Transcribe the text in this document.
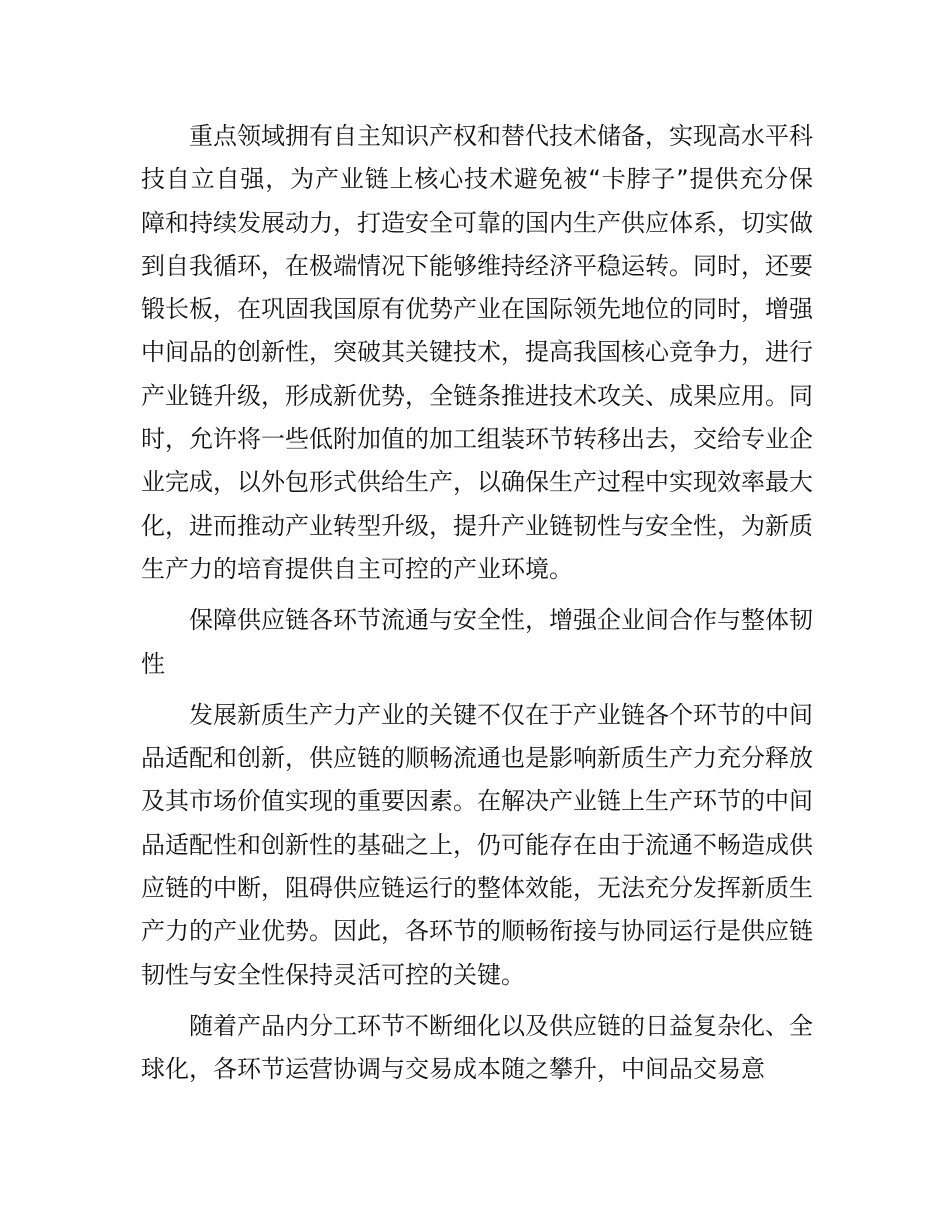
重点领域拥有自主知识产权和替代技术储备，实现高水平科技自立自强，为产业链上核心技术避免被“卡脖子”提供充分保障和持续发展动力，打造安全可靠的国内生产供应体系，切实做到自我循环，在极端情况下能够维持经济平稳运转。同时，还要锻长板，在巩固我国原有优势产业在国际领先地位的同时，增强中间品的创新性，突破其关键技术，提高我国核心竞争力，进行产业链升级，形成新优势，全链条推进技术攻关、成果应用。同时，允许将一些低附加值的加工组装环节转移出去，交给专业企业完成，以外包形式供给生产，以确保生产过程中实现效率最大化，进而推动产业转型升级，提升产业链韧性与安全性，为新质生产力的培育提供自主可控的产业环境。

保障供应链各环节流通与安全性，增强企业间合作与整体韧性

发展新质生产力产业的关键不仅在于产业链各个环节的中间品适配和创新，供应链的顺畅流通也是影响新质生产力充分释放及其市场价值实现的重要因素。在解决产业链上生产环节的中间品适配性和创新性的基础之上，仍可能存在由于流通不畅造成供应链的中断，阻碍供应链运行的整体效能，无法充分发挥新质生产力的产业优势。因此，各环节的顺畅衔接与协同运行是供应链韧性与安全性保持灵活可控的关键。

随着产品内分工环节不断细化以及供应链的日益复杂化、全球化，各环节运营协调与交易成本随之攀升，中间品交易意
